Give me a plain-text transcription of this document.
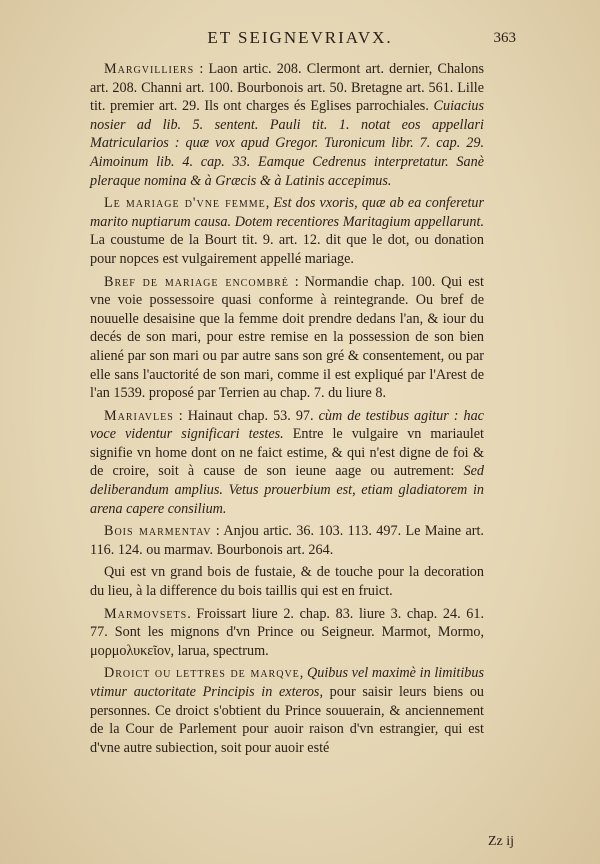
ET SEIGNEVRIAVX.	363

Margvilliers : Laon artic. 208. Clermont art. dernier, Chalons art. 208. Channi art. 100. Bourbonois art. 50. Bretagne art. 561. Lille tit. premier art. 29. Ils ont charges és Eglises parrochiales. Cuiacius nosier ad lib. 5. sentent. Pauli tit. 1. notat eos appellari Matricularios : quæ vox apud Gregor. Turonicum libr. 7. cap. 29. Aimoinum lib. 4. cap. 33. Eamque Cedrenus interpretatur. Sanè pleraque nomina & à Græcis & à Latinis accepimus.

Le mariage d'vne femme, Est dos vxoris, quæ ab ea conferetur marito nuptiarum causa. Dotem recentiores Maritagium appellarunt. La coustume de la Bourt tit. 9. art. 12. dit que le dot, ou donation pour nopces est vulgairement appellé mariage.

Bref de mariage encombré : Normandie chap. 100. Qui est vne voie possessoire quasi conforme à reintegrande. Ou bref de nouuelle desaisine que la femme doit prendre dedans l'an, & iour du decés de son mari, pour estre remise en la possession de son bien aliené par son mari ou par autre sans son gré & consentement, ou par elle sans l'auctorité de son mari, comme il est expliqué par l'Arest de l'an 1539. proposé par Terrien au chap. 7. du liure 8.

Mariavles : Hainaut chap. 53. 97. cùm de testibus agitur : hac voce videntur significari testes. Entre le vulgaire vn mariaulet signifie vn home dont on ne faict estime, & qui n'est digne de foi & de croire, soit à cause de son ieune aage ou autrement: Sed deliberandum amplius. Vetus prouerbium est, etiam gladiatorem in arena capere consilium.

Bois marmentav : Anjou artic. 36. 103. 113. 497. Le Maine art. 116. 124. ou marmav. Bourbonois art. 264.

Qui est vn grand bois de fustaie, & de touche pour la decoration du lieu, à la difference du bois taillis qui est en fruict.

Marmovsets. Froissart liure 2. chap. 83. liure 3. chap. 24. 61. 77. Sont les mignons d'vn Prince ou Seigneur. Marmot, Mormo, μορμολυκεῖον, larua, spectrum.

Droict ou lettres de marqve, Quibus vel maximè in limitibus vtimur auctoritate Principis in exteros, pour saisir leurs biens ou personnes. Ce droict s'obtient du Prince souuerain, & anciennement de la Cour de Parlement pour auoir raison d'vn estrangier, qui est d'vne autre subiection, soit pour auoir esté

Zz ij
